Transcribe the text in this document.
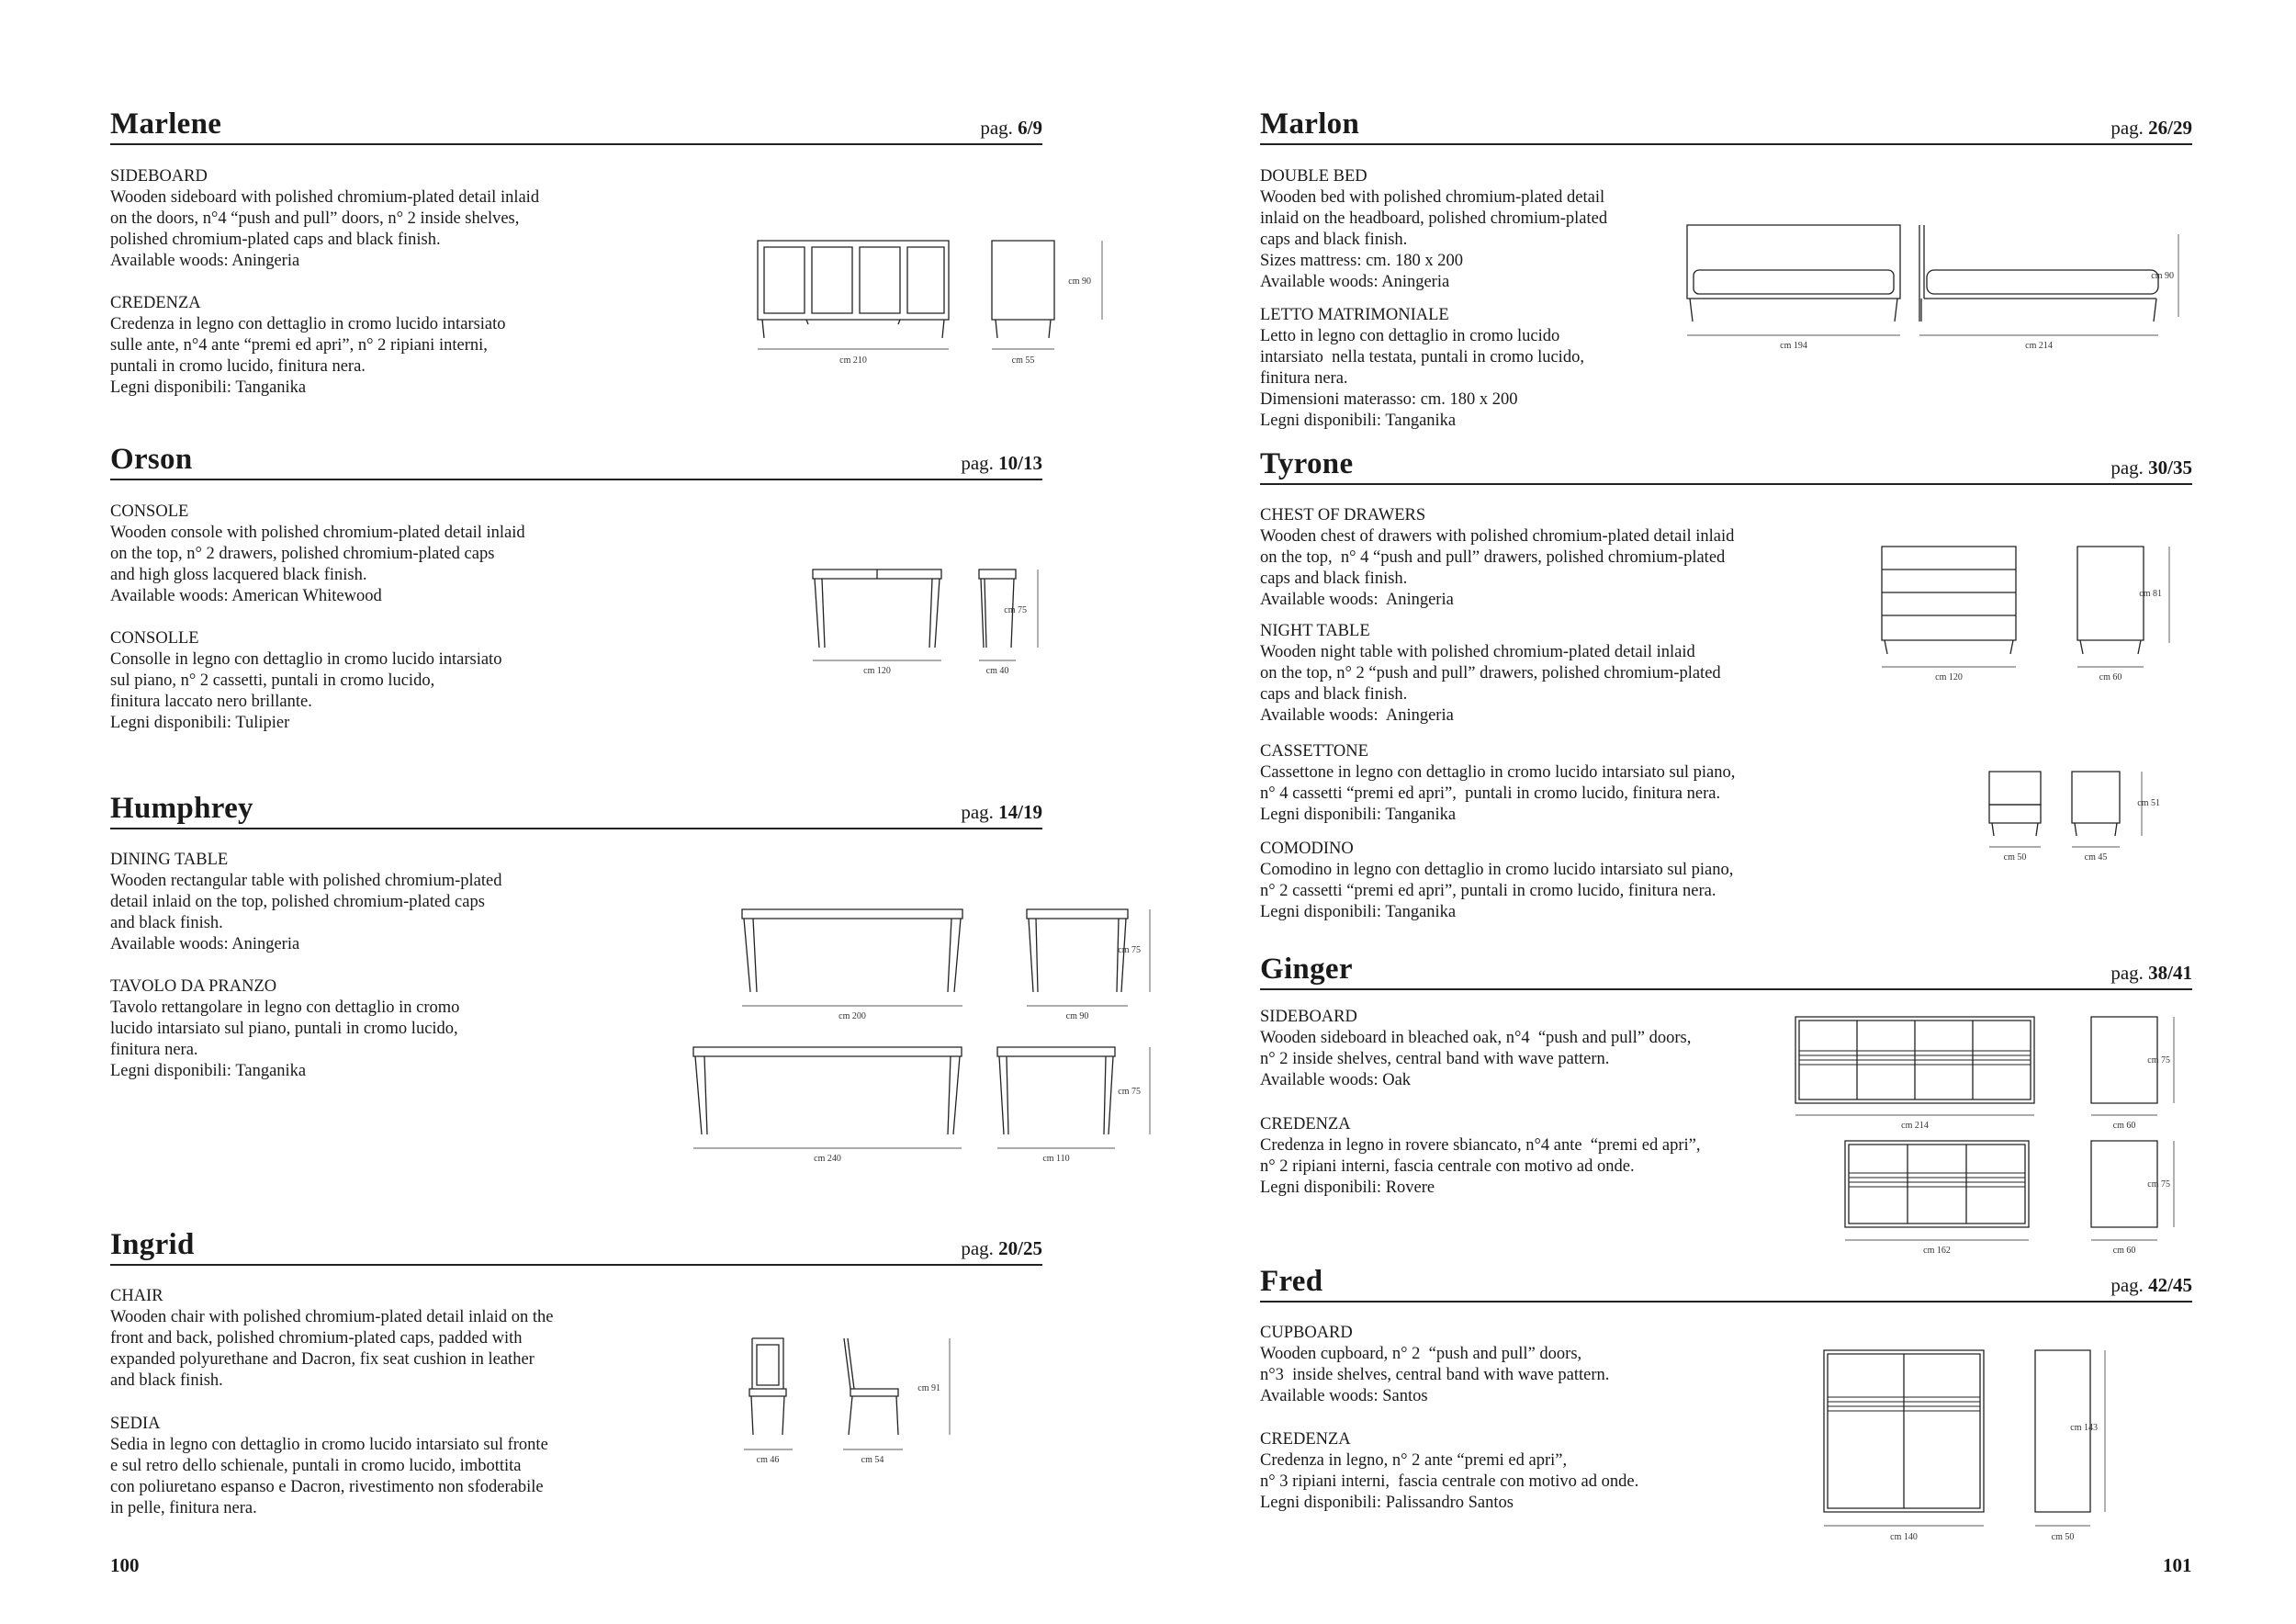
Marlene	pag. 6/9
SIDEBOARD
Wooden sideboard with polished chromium-plated detail inlaid
on the doors, n°4 “push and pull” doors, n° 2 inside shelves,
polished chromium-plated caps and black finish.
Available woods: Aningeria
CREDENZA
Credenza in legno con dettaglio in cromo lucido intarsiato
sulle ante, n°4 ante “premi ed apri”, n° 2 ripiani interni,
puntali in cromo lucido, finitura nera.
Legni disponibili: Tanganika
cm 210	cm 55
cm 90
Orson	pag. 10/13
CONSOLE
Wooden console with polished chromium-plated detail inlaid
on the top, n° 2 drawers, polished chromium-plated caps
and high gloss lacquered black finish.
Available woods: American Whitewood
CONSOLLE
Consolle in legno con dettaglio in cromo lucido intarsiato
sul piano, n° 2 cassetti, puntali in cromo lucido,
finitura laccato nero brillante.
Legni disponibili: Tulipier
cm 120	cm 40
cm 75
Humphrey	pag. 14/19
DINING TABLE
Wooden rectangular table with polished chromium-plated
detail inlaid on the top, polished chromium-plated caps
and black finish.
Available woods: Aningeria
TAVOLO DA PRANZO
Tavolo rettangolare in legno con dettaglio in cromo
lucido intarsiato sul piano, puntali in cromo lucido,
finitura nera.
Legni disponibili: Tanganika
cm 200	cm 90
cm 75
cm 240	cm 110
cm 75
Ingrid	pag. 20/25
CHAIR
Wooden chair with polished chromium-plated detail inlaid on the
front and back, polished chromium-plated caps, padded with
expanded polyurethane and Dacron, fix seat cushion in leather
and black finish.
SEDIA
Sedia in legno con dettaglio in cromo lucido intarsiato sul fronte
e sul retro dello schienale, puntali in cromo lucido, imbottita
con poliuretano espanso e Dacron, rivestimento non sfoderabile
in pelle, finitura nera.
cm 46	cm 54
cm 91
100
Marlon	pag. 26/29
DOUBLE BED
Wooden bed with polished chromium-plated detail
inlaid on the headboard, polished chromium-plated
caps and black finish.
Sizes mattress: cm. 180 x 200
Available woods: Aningeria
LETTO MATRIMONIALE
Letto in legno con dettaglio in cromo lucido
intarsiato  nella testata, puntali in cromo lucido,
finitura nera.
Dimensioni materasso: cm. 180 x 200
Legni disponibili: Tanganika
cm 194	cm 214
cm 90
Tyrone	pag. 30/35
CHEST OF DRAWERS
Wooden chest of drawers with polished chromium-plated detail inlaid
on the top,  n° 4 “push and pull” drawers, polished chromium-plated
caps and black finish.
Available woods:  Aningeria
NIGHT TABLE
Wooden night table with polished chromium-plated detail inlaid
on the top, n° 2 “push and pull” drawers, polished chromium-plated
caps and black finish.
Available woods:  Aningeria
CASSETTONE
Cassettone in legno con dettaglio in cromo lucido intarsiato sul piano,
n° 4 cassetti “premi ed apri”,  puntali in cromo lucido, finitura nera.
Legni disponibili: Tanganika
COMODINO
Comodino in legno con dettaglio in cromo lucido intarsiato sul piano,
n° 2 cassetti “premi ed apri”, puntali in cromo lucido, finitura nera.
Legni disponibili: Tanganika
cm 120	cm 60
cm 81
cm 50	cm 45
cm 51
Ginger	pag. 38/41
SIDEBOARD
Wooden sideboard in bleached oak, n°4  “push and pull” doors,
n° 2 inside shelves, central band with wave pattern.
Available woods: Oak
CREDENZA
Credenza in legno in rovere sbiancato, n°4 ante  “premi ed apri”,
n° 2 ripiani interni, fascia centrale con motivo ad onde.
Legni disponibili: Rovere
cm 214	cm 60
cm 75
cm 162	cm 60
cm 75
Fred	pag. 42/45
CUPBOARD
Wooden cupboard, n° 2  “push and pull” doors,
n°3  inside shelves, central band with wave pattern.
Available woods: Santos
CREDENZA
Credenza in legno, n° 2 ante “premi ed apri”,
n° 3 ripiani interni,  fascia centrale con motivo ad onde.
Legni disponibili: Palissandro Santos
cm 140	cm 50
cm 143
101
